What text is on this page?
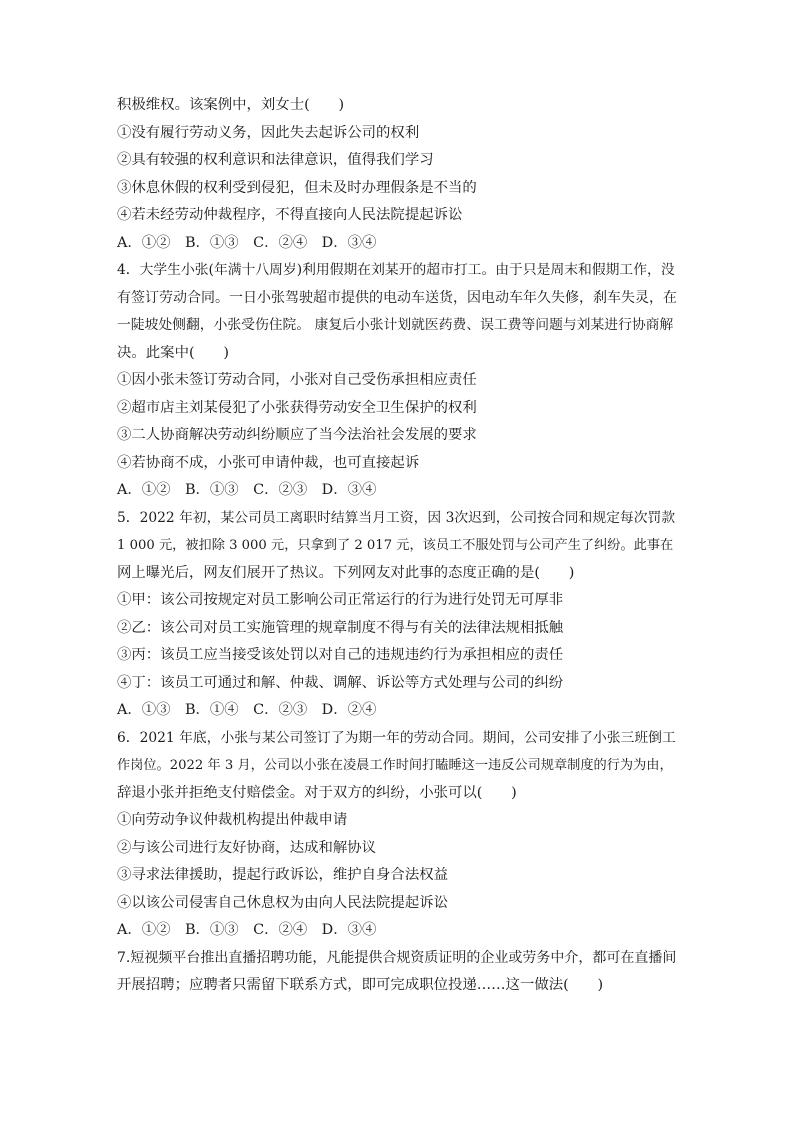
积极维权。该案例中，刘女士(　　)
①没有履行劳动义务，因此失去起诉公司的权利
②具有较强的权利意识和法律意识，值得我们学习
③休息休假的权利受到侵犯，但未及时办理假条是不当的
④若未经劳动仲裁程序，不得直接向人民法院提起诉讼
A．①②　B．①③　C．②④　D．③④
4．大学生小张(年满十八周岁)利用假期在刘某开的超市打工。由于只是周末和假期工作，没
有签订劳动合同。一日小张驾驶超市提供的电动车送货，因电动车年久失修，刹车失灵，在
一陡坡处侧翻，小张受伤住院。 康复后小张计划就医药费、误工费等问题与刘某进行协商解
决。此案中(　　)
①因小张未签订劳动合同，小张对自己受伤承担相应责任
②超市店主刘某侵犯了小张获得劳动安全卫生保护的权利
③二人协商解决劳动纠纷顺应了当今法治社会发展的要求
④若协商不成，小张可申请仲裁，也可直接起诉
A．①②　B．①③　C．②③　D．③④
5．2022 年初，某公司员工离职时结算当月工资，因 3次迟到，公司按合同和规定每次罚款
1 000 元，被扣除 3 000 元，只拿到了 2 017 元，该员工不服处罚与公司产生了纠纷。此事在
网上曝光后，网友们展开了热议。下列网友对此事的态度正确的是(　　)
①甲：该公司按规定对员工影响公司正常运行的行为进行处罚无可厚非
②乙：该公司对员工实施管理的规章制度不得与有关的法律法规相抵触
③丙：该员工应当接受该处罚以对自己的违规违约行为承担相应的责任
④丁：该员工可通过和解、仲裁、调解、诉讼等方式处理与公司的纠纷
A．①③　B．①④　C．②③　D．②④
6．2021 年底，小张与某公司签订了为期一年的劳动合同。期间，公司安排了小张三班倒工
作岗位。2022 年 3 月，公司以小张在凌晨工作时间打瞌睡这一违反公司规章制度的行为为由，
辞退小张并拒绝支付赔偿金。对于双方的纠纷，小张可以(　　)
①向劳动争议仲裁机构提出仲裁申请
②与该公司进行友好协商，达成和解协议
③寻求法律援助，提起行政诉讼，维护自身合法权益
④以该公司侵害自己休息权为由向人民法院提起诉讼
A．①②　B．①③　C．②④　D．③④
7.短视频平台推出直播招聘功能，凡能提供合规资质证明的企业或劳务中介，都可在直播间
开展招聘；应聘者只需留下联系方式，即可完成职位投递……这一做法(　　)
